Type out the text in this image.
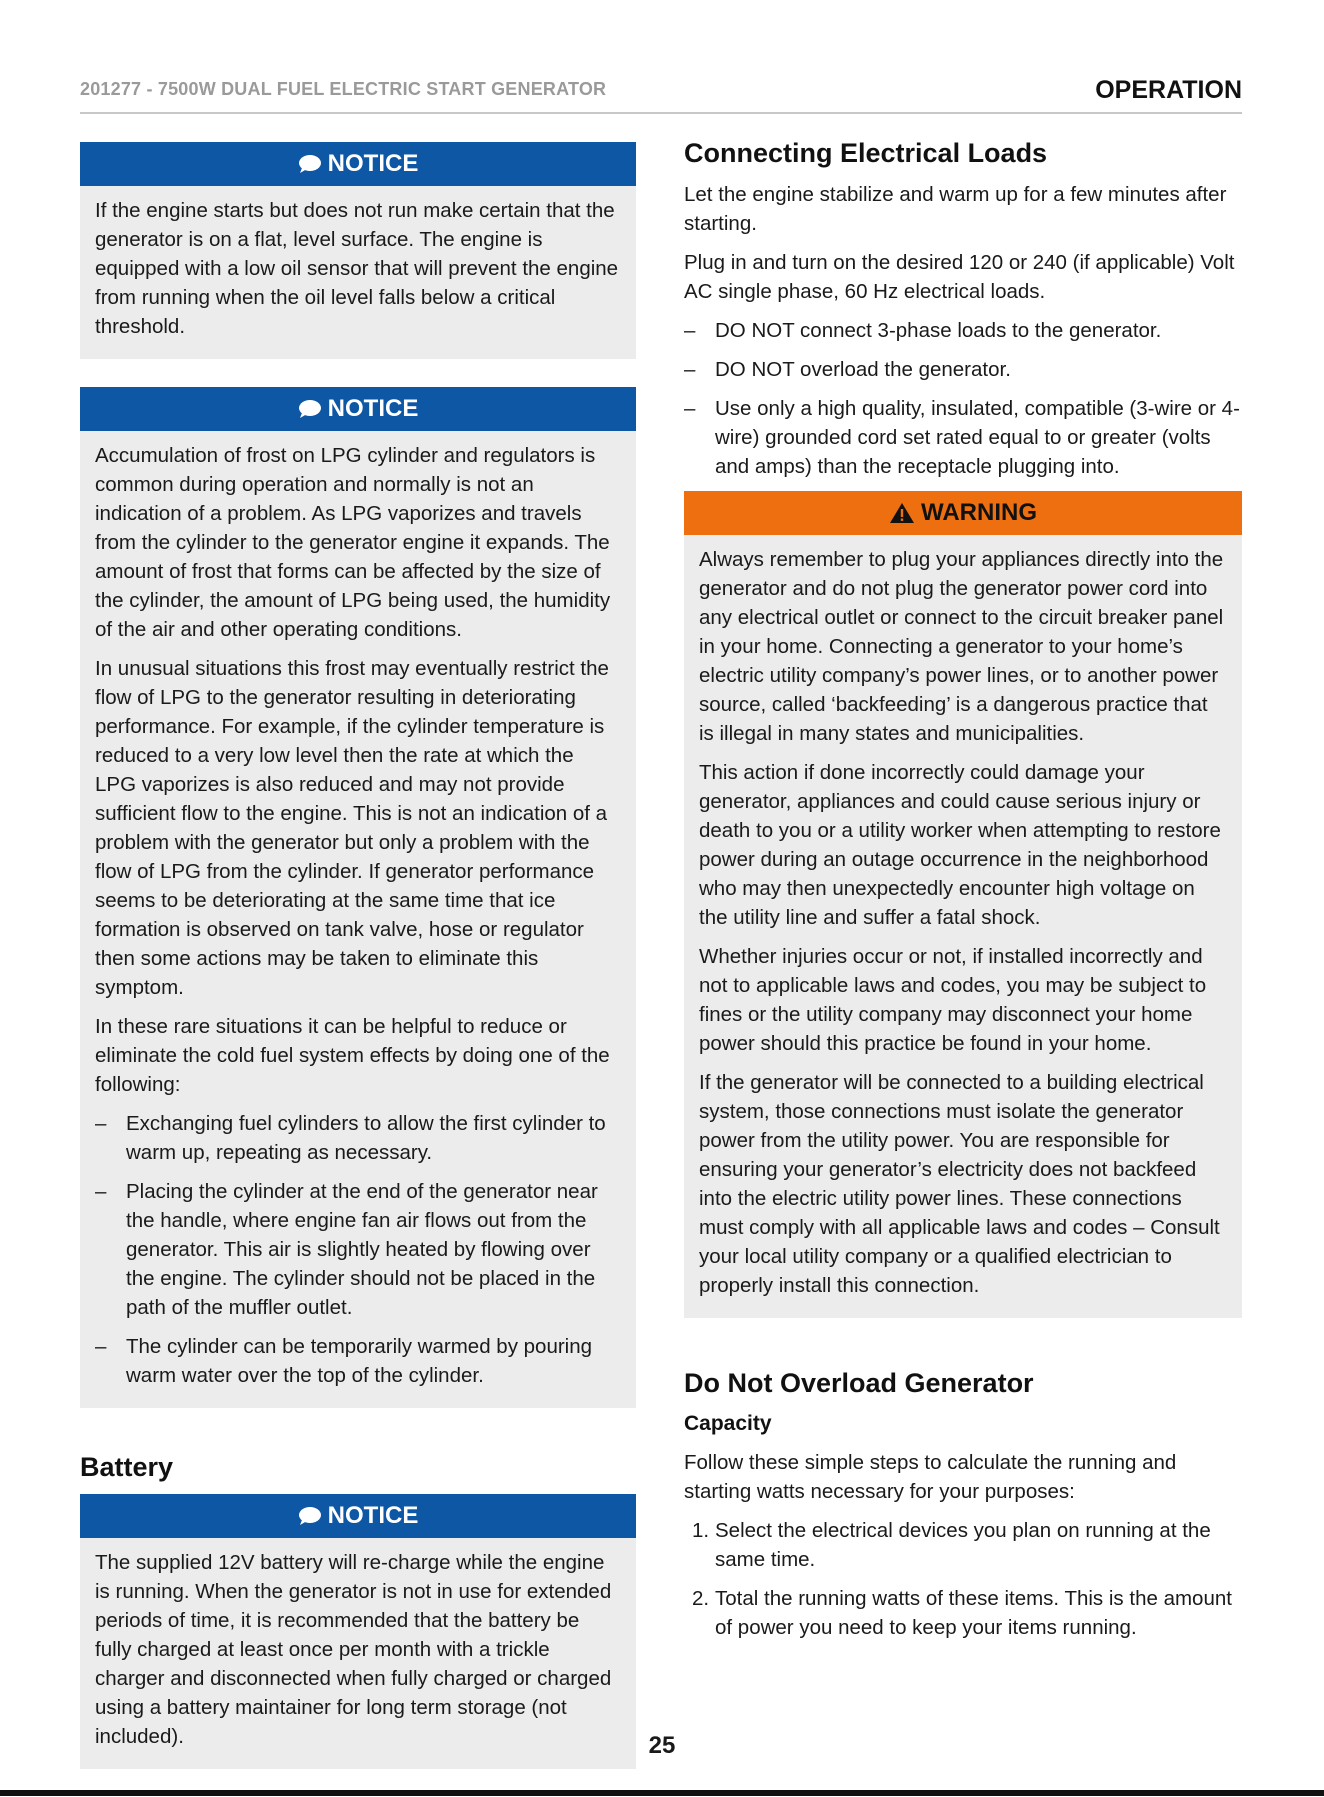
201277 - 7500W DUAL FUEL ELECTRIC START GENERATOR	OPERATION
NOTICE

If the engine starts but does not run make certain that the generator is on a flat, level surface. The engine is equipped with a low oil sensor that will prevent the engine from running when the oil level falls below a critical threshold.

NOTICE

Accumulation of frost on LPG cylinder and regulators is common during operation and normally is not an indication of a problem. As LPG vaporizes and travels from the cylinder to the generator engine it expands. The amount of frost that forms can be affected by the size of the cylinder, the amount of LPG being used, the humidity of the air and other operating conditions.

In unusual situations this frost may eventually restrict the flow of LPG to the generator resulting in deteriorating performance. For example, if the cylinder temperature is reduced to a very low level then the rate at which the LPG vaporizes is also reduced and may not provide sufficient flow to the engine. This is not an indication of a problem with the generator but only a problem with the flow of LPG from the cylinder. If generator performance seems to be deteriorating at the same time that ice formation is observed on tank valve, hose or regulator then some actions may be taken to eliminate this symptom.

In these rare situations it can be helpful to reduce or eliminate the cold fuel system effects by doing one of the following:

– Exchanging fuel cylinders to allow the first cylinder to warm up, repeating as necessary.
– Placing the cylinder at the end of the generator near the handle, where engine fan air flows out from the generator. This air is slightly heated by flowing over the engine. The cylinder should not be placed in the path of the muffler outlet.
– The cylinder can be temporarily warmed by pouring warm water over the top of the cylinder.
Battery
NOTICE

The supplied 12V battery will re-charge while the engine is running. When the generator is not in use for extended periods of time, it is recommended that the battery be fully charged at least once per month with a trickle charger and disconnected when fully charged or charged using a battery maintainer for long term storage (not included).

Connecting Electrical Loads

Let the engine stabilize and warm up for a few minutes after starting.

Plug in and turn on the desired 120 or 240 (if applicable) Volt AC single phase, 60 Hz electrical loads.

– DO NOT connect 3-phase loads to the generator.
– DO NOT overload the generator.
– Use only a high quality, insulated, compatible (3-wire or 4-wire) grounded cord set rated equal to or greater (volts and amps) than the receptacle plugging into.
WARNING

Always remember to plug your appliances directly into the generator and do not plug the generator power cord into any electrical outlet or connect to the circuit breaker panel in your home. Connecting a generator to your home’s electric utility company’s power lines, or to another power source, called ‘backfeeding’ is a dangerous practice that is illegal in many states and municipalities.

This action if done incorrectly could damage your generator, appliances and could cause serious injury or death to you or a utility worker when attempting to restore power during an outage occurrence in the neighborhood who may then unexpectedly encounter high voltage on the utility line and suffer a fatal shock.

Whether injuries occur or not, if installed incorrectly and not to applicable laws and codes, you may be subject to fines or the utility company may disconnect your home power should this practice be found in your home.

If the generator will be connected to a building electrical system, those connections must isolate the generator power from the utility power. You are responsible for ensuring your generator’s electricity does not backfeed into the electric utility power lines. These connections must comply with all applicable laws and codes – Consult your local utility company or a qualified electrician to properly install this connection.

Do Not Overload Generator
Capacity

Follow these simple steps to calculate the running and starting watts necessary for your purposes:

1. Select the electrical devices you plan on running at the same time.
2. Total the running watts of these items. This is the amount of power you need to keep your items running.
25
